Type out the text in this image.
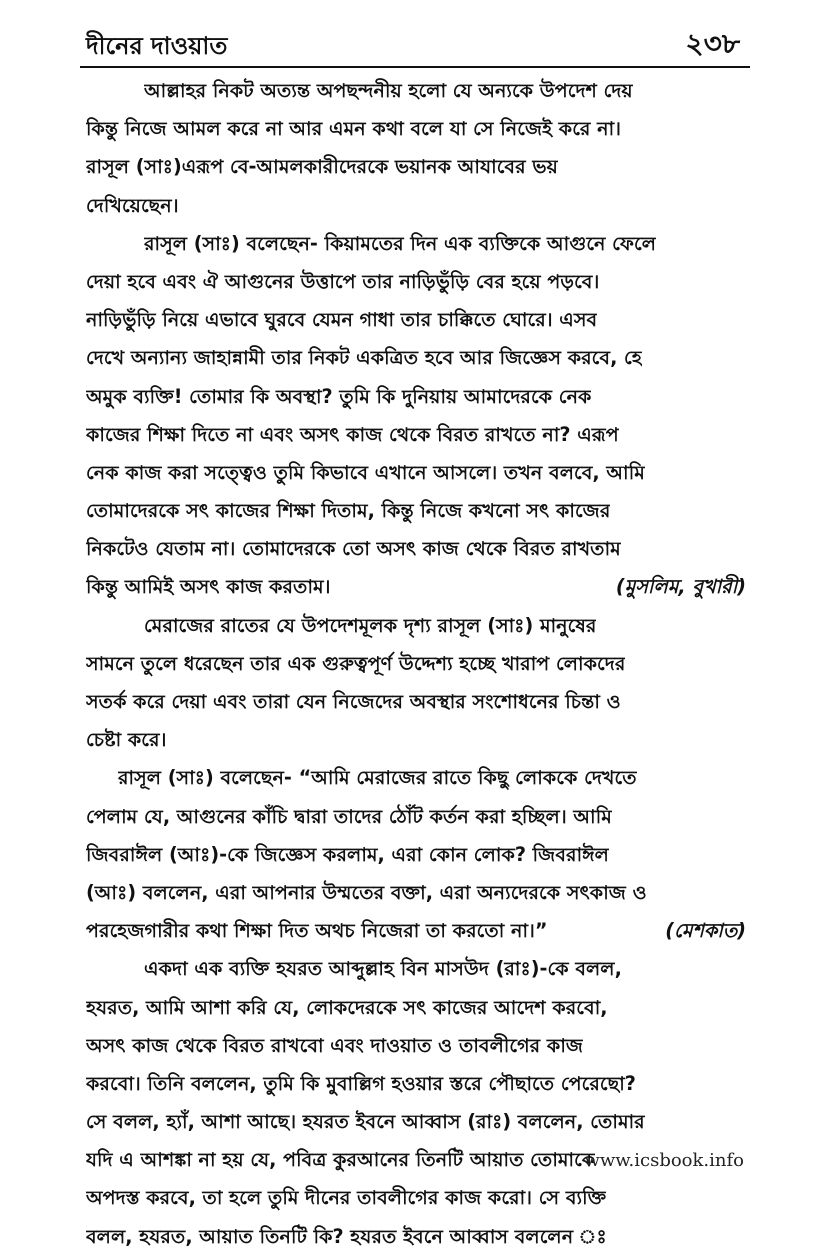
দীনের দাওয়াত	২৩৮
আল্লাহর নিকট অত্যন্ত অপছন্দনীয় হলো যে অন্যকে উপদেশ দেয়
কিন্তু নিজে আমল করে না আর এমন কথা বলে যা সে নিজেই করে না।
রাসূল (সাঃ)এরূপ বে-আমলকারীদেরকে ভয়ানক আযাবের ভয়
দেখিয়েছেন।
রাসূল (সাঃ) বলেছেন- কিয়ামতের দিন এক ব্যক্তিকে আগুনে ফেলে
দেয়া হবে এবং ঐ আগুনের উত্তাপে তার নাড়িভুঁড়ি বের হয়ে পড়বে।
নাড়িভুঁড়ি নিয়ে এভাবে ঘুরবে যেমন গাধা তার চাক্কিতে ঘোরে। এসব
দেখে অন্যান্য জাহান্নামী তার নিকট একত্রিত হবে আর জিজ্ঞেস করবে, হে
অমুক ব্যক্তি! তোমার কি অবস্থা? তুমি কি দুনিয়ায় আমাদেরকে নেক
কাজের শিক্ষা দিতে না এবং অসৎ কাজ থেকে বিরত রাখতে না? এরূপ
নেক কাজ করা সত্ত্বেও তুমি কিভাবে এখানে আসলে। তখন বলবে, আমি
তোমাদেরকে সৎ কাজের শিক্ষা দিতাম, কিন্তু নিজে কখনো সৎ কাজের
নিকটেও যেতাম না। তোমাদেরকে তো অসৎ কাজ থেকে বিরত রাখতাম
কিন্তু আমিই অসৎ কাজ করতাম।	(মুসলিম, বুখারী)
মেরাজের রাতের যে উপদেশমূলক দৃশ্য রাসূল (সাঃ) মানুষের
সামনে তুলে ধরেছেন তার এক গুরুত্বপূর্ণ উদ্দেশ্য হচ্ছে খারাপ লোকদের
সতর্ক করে দেয়া এবং তারা যেন নিজেদের অবস্থার সংশোধনের চিন্তা ও
চেষ্টা করে।
রাসূল (সাঃ) বলেছেন- “আমি মেরাজের রাতে কিছু লোককে দেখতে
পেলাম যে, আগুনের কাঁচি দ্বারা তাদের ঠোঁট কর্তন করা হচ্ছিল। আমি
জিবরাঈল (আঃ)-কে জিজ্ঞেস করলাম, এরা কোন লোক? জিবরাঈল
(আঃ) বললেন, এরা আপনার উম্মতের বক্তা, এরা অন্যদেরকে সৎকাজ ও
পরহেজগারীর কথা শিক্ষা দিত অথচ নিজেরা তা করতো না।”	(মেশকাত)
একদা এক ব্যক্তি হযরত আব্দুল্লাহ বিন মাসউদ (রাঃ)-কে বলল,
হযরত, আমি আশা করি যে, লোকদেরকে সৎ কাজের আদেশ করবো,
অসৎ কাজ থেকে বিরত রাখবো এবং দাওয়াত ও তাবলীগের কাজ
করবো। তিনি বললেন, তুমি কি মুবাল্লিগ হওয়ার স্তরে পৌছাতে পেরেছো?
সে বলল, হ্যাঁ, আশা আছে। হযরত ইবনে আব্বাস (রাঃ) বললেন, তোমার
যদি এ আশঙ্কা না হয় যে, পবিত্র কুরআনের তিনটি আয়াত তোমাকে
অপদস্ত করবে, তা হলে তুমি দীনের তাবলীগের কাজ করো। সে ব্যক্তি
বলল, হযরত, আয়াত তিনটি কি? হযরত ইবনে আব্বাস বললেন ঃ
www.icsbook.info
